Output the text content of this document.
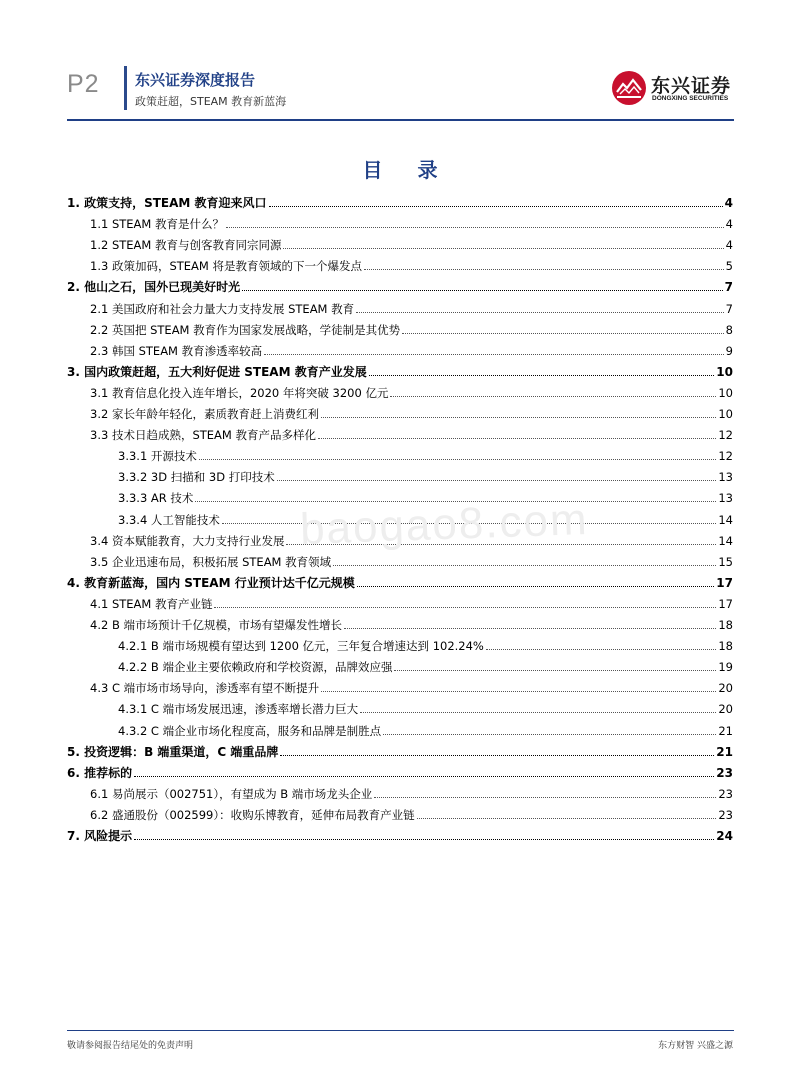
P2 东兴证券深度报告
政策赶超，STEAM 教育新蓝海
东兴证券
DONGXING SECURITIES
目 录
1. 政策支持，STEAM 教育迎来风口	4
1.1 STEAM 教育是什么？	4
1.2 STEAM 教育与创客教育同宗同源	4
1.3 政策加码，STEAM 将是教育领域的下一个爆发点	5
2. 他山之石，国外已现美好时光	7
2.1 美国政府和社会力量大力支持发展 STEAM 教育	7
2.2 英国把 STEAM 教育作为国家发展战略，学徒制是其优势	8
2.3 韩国 STEAM 教育渗透率较高	9
3. 国内政策赶超，五大利好促进 STEAM 教育产业发展	10
3.1 教育信息化投入连年增长，2020 年将突破 3200 亿元	10
3.2 家长年龄年轻化，素质教育赶上消费红利	10
3.3 技术日趋成熟，STEAM 教育产品多样化	12
3.3.1 开源技术	12
3.3.2 3D 扫描和 3D 打印技术	13
3.3.3 AR 技术	13
3.3.4 人工智能技术	14
3.4 资本赋能教育，大力支持行业发展	14
3.5 企业迅速布局，积极拓展 STEAM 教育领域	15
4. 教育新蓝海，国内 STEAM 行业预计达千亿元规模	17
4.1 STEAM 教育产业链	17
4.2 B 端市场预计千亿规模，市场有望爆发性增长	18
4.2.1 B 端市场规模有望达到 1200 亿元，三年复合增速达到 102.24%	18
4.2.2 B 端企业主要依赖政府和学校资源，品牌效应强	19
4.3 C 端市场市场导向，渗透率有望不断提升	20
4.3.1 C 端市场发展迅速，渗透率增长潜力巨大	20
4.3.2 C 端企业市场化程度高，服务和品牌是制胜点	21
5. 投资逻辑：B 端重渠道，C 端重品牌	21
6. 推荐标的	23
6.1 易尚展示（002751），有望成为 B 端市场龙头企业	23
6.2 盛通股份（002599）：收购乐博教育，延伸布局教育产业链	23
7. 风险提示	24
baogao8.com
敬请参阅报告结尾处的免责声明	东方财智 兴盛之源
